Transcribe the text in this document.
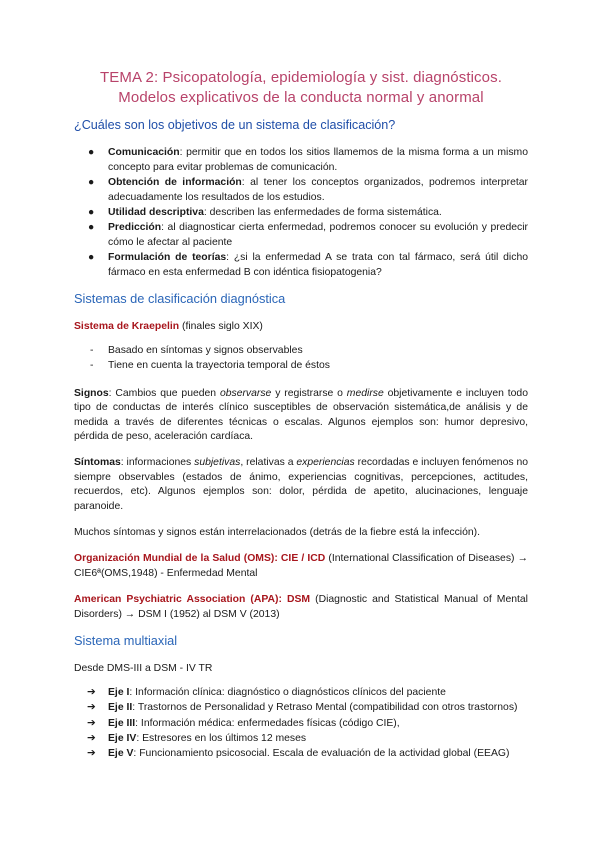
TEMA 2: Psicopatología, epidemiología y sist. diagnósticos.
Modelos explicativos de la conducta normal y anormal
¿Cuáles son los objetivos de un sistema de clasificación?
● Comunicación: permitir que en todos los sitios llamemos de la misma forma a un mismo concepto para evitar problemas de comunicación.
● Obtención de información: al tener los conceptos organizados, podremos interpretar adecuadamente los resultados de los estudios.
● Utilidad descriptiva: describen las enfermedades de forma sistemática.
● Predicción: al diagnosticar cierta enfermedad, podremos conocer su evolución y predecir cómo le afectar al paciente
● Formulación de teorías: ¿si la enfermedad A se trata con tal fármaco, será útil dicho fármaco en esta enfermedad B con idéntica fisiopatogenia?
Sistemas de clasificación diagnóstica

Sistema de Kraepelin (finales siglo XIX)

- Basado en síntomas y signos observables
- Tiene en cuenta la trayectoria temporal de éstos

Signos: Cambios que pueden observarse y registrarse o medirse objetivamente e incluyen todo tipo de conductas de interés clínico susceptibles de observación sistemática,de análisis y de medida a través de diferentes técnicas o escalas. Algunos ejemplos son: humor depresivo, pérdida de peso, aceleración cardíaca.

Síntomas: informaciones subjetivas, relativas a experiencias recordadas e incluyen fenómenos no siempre observables (estados de ánimo, experiencias cognitivas, percepciones, actitudes, recuerdos, etc). Algunos ejemplos son: dolor, pérdida de apetito, alucinaciones, lenguaje paranoide.

Muchos síntomas y signos están interrelacionados (detrás de la fiebre está la infección).

Organización Mundial de la Salud (OMS): CIE / ICD (International Classification of Diseases) → CIE6ª(OMS,1948) - Enfermedad Mental

American Psychiatric Association (APA): DSM (Diagnostic and Statistical Manual of Mental Disorders) → DSM I (1952) al DSM V (2013)

Sistema multiaxial

Desde DMS-III a DSM - IV TR

➔ Eje I: Información clínica: diagnóstico o diagnósticos clínicos del paciente
➔ Eje II: Trastornos de Personalidad y Retraso Mental (compatibilidad con otros trastornos)
➔ Eje III: Información médica: enfermedades físicas (código CIE),
➔ Eje IV: Estresores en los últimos 12 meses
➔ Eje V: Funcionamiento psicosocial. Escala de evaluación de la actividad global (EEAG)
